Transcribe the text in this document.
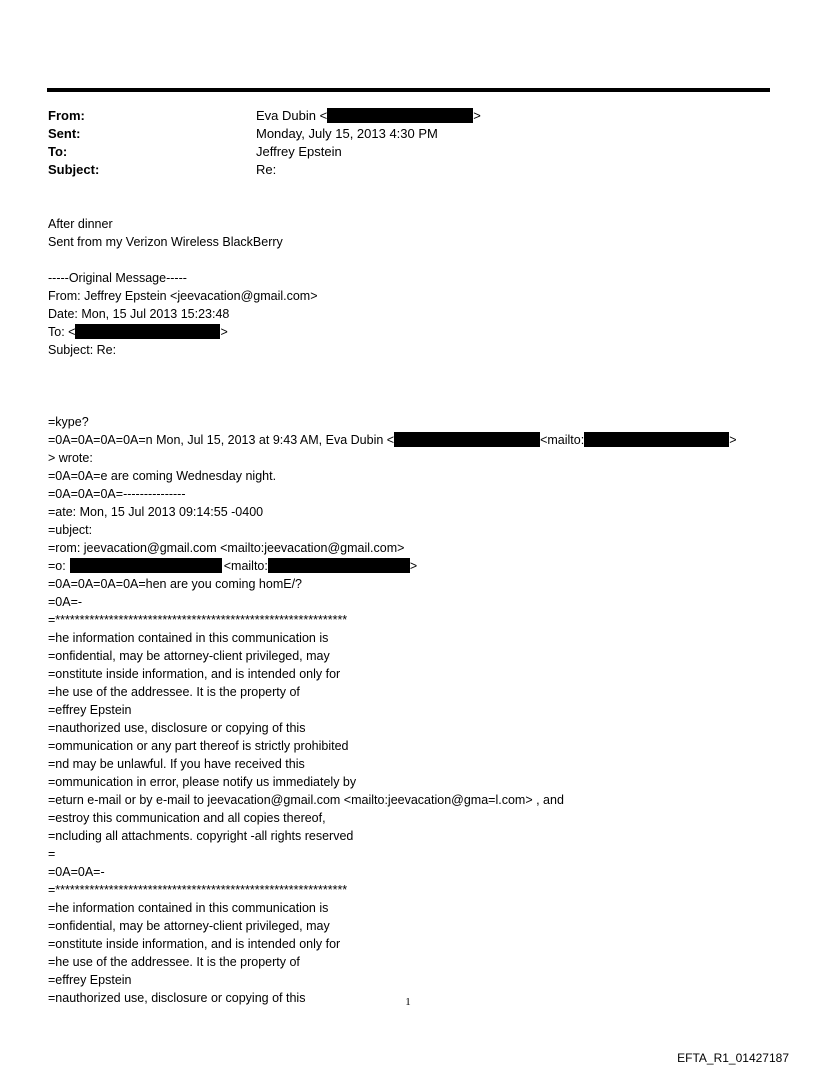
From:	Eva Dubin <	>
Sent:	Monday, July 15, 2013 4:30 PM
To:	Jeffrey Epstein
Subject:	Re:
After dinner
Sent from my Verizon Wireless BlackBerry
-----Original Message-----
From: Jeffrey Epstein <jeevacation@gmail.com>
Date: Mon, 15 Jul 2013 15:23:48
To: <	>
Subject: Re:
=kype?
=0A=0A=0A=0A=n Mon, Jul 15, 2013 at 9:43 AM, Eva Dubin <	<mailto:	>
> wrote:
=0A=0A=e are coming Wednesday night.
=0A=0A=0A=---------------
=ate: Mon, 15 Jul 2013 09:14:55 -0400
=ubject:
=rom: jeevacation@gmail.com <mailto:jeevacation@gmail.com>
=o:	<mailto:	>
=0A=0A=0A=0A=hen are you coming homE/?
=0A=-
=************************************************************
=he information contained in this communication is
=onfidential, may be attorney-client privileged, may
=onstitute inside information, and is intended only for
=he use of the addressee. It is the property of
=effrey Epstein
=nauthorized use, disclosure or copying of this
=ommunication or any part thereof is strictly prohibited
=nd may be unlawful. If you have received this
=ommunication in error, please notify us immediately by
=eturn e-mail or by e-mail to jeevacation@gmail.com <mailto:jeevacation@gma=l.com> , and
=estroy this communication and all copies thereof,
=ncluding all attachments. copyright -all rights reserved
=
=0A=0A=-
=************************************************************
=he information contained in this communication is
=onfidential, may be attorney-client privileged, may
=onstitute inside information, and is intended only for
=he use of the addressee. It is the property of
=effrey Epstein
=nauthorized use, disclosure or copying of this	1
EFTA_R1_01427187
